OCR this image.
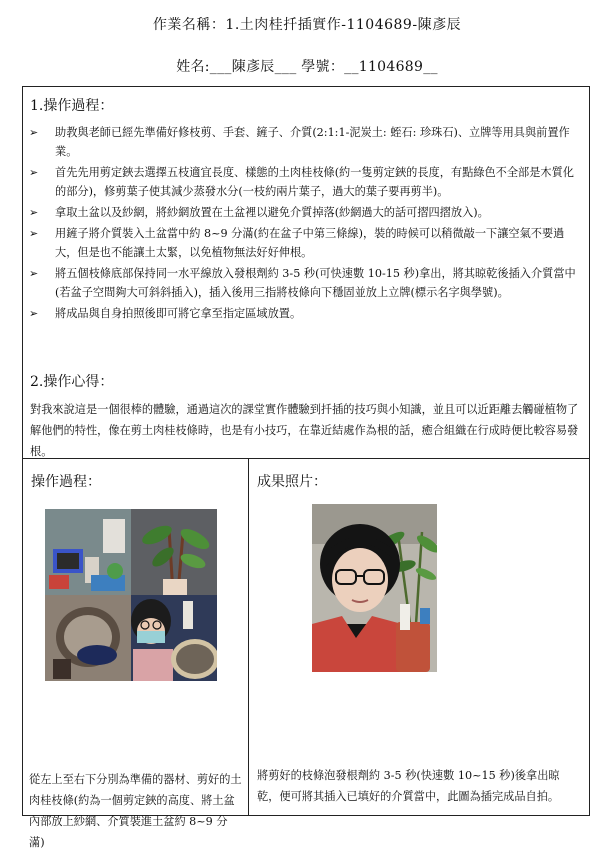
作業名稱：1.土肉桂扦插實作-1104689-陳彥辰
姓名:___陳彥辰___ 學號：__1104689__
1.操作過程：
➢ 助教與老師已經先準備好修枝剪、手套、鏟子、介質(2:1:1-泥炭土: 蛭石: 珍珠石)、立牌等用具與前置作業。
➢ 首先先用剪定鋏去選擇五枝適宜長度、樣態的土肉桂枝條(約一隻剪定鋏的長度，有點綠色不全部是木質化的部分)，修剪葉子使其減少蒸發水分(一枝約兩片葉子，過大的葉子要再剪半)。
➢ 拿取土盆以及紗網，將紗網放置在土盆裡以避免介質掉落(紗網過大的話可摺四摺放入)。
➢ 用鏟子將介質裝入土盆當中約 8~9 分滿(約在盆子中第三條線)，裝的時候可以稍微敲一下讓空氣不要過大，但是也不能讓土太緊，以免植物無法好好伸根。
➢ 將五個枝條底部保持同一水平線放入發根劑約 3-5 秒(可快速數 10-15 秒)拿出，將其晾乾後插入介質當中(若盆子空間夠大可斜斜插入)，插入後用三指將枝條向下穩固並放上立牌(標示名字與學號)。
➢ 將成品與自身拍照後即可將它拿至指定區域放置。
2.操作心得：
對我來說這是一個很棒的體驗，通過這次的課堂實作體驗到扦插的技巧與小知識，並且可以近距離去觸碰植物了解他們的特性，像在剪土肉桂枝條時，也是有小技巧，在靠近結處作為根的話，癒合組織在行成時便比較容易發根。
操作過程：
從左上至右下分別為準備的器材、剪好的土肉桂枝條(約為一個剪定鋏的高度、將土盆內部放上紗網、介質裝進土盆約 8~9 分滿)
成果照片：
將剪好的枝條泡發根劑約 3-5 秒(快速數 10~15 秒)後拿出晾乾，便可將其插入已填好的介質當中，此圖為插完成品自拍。
